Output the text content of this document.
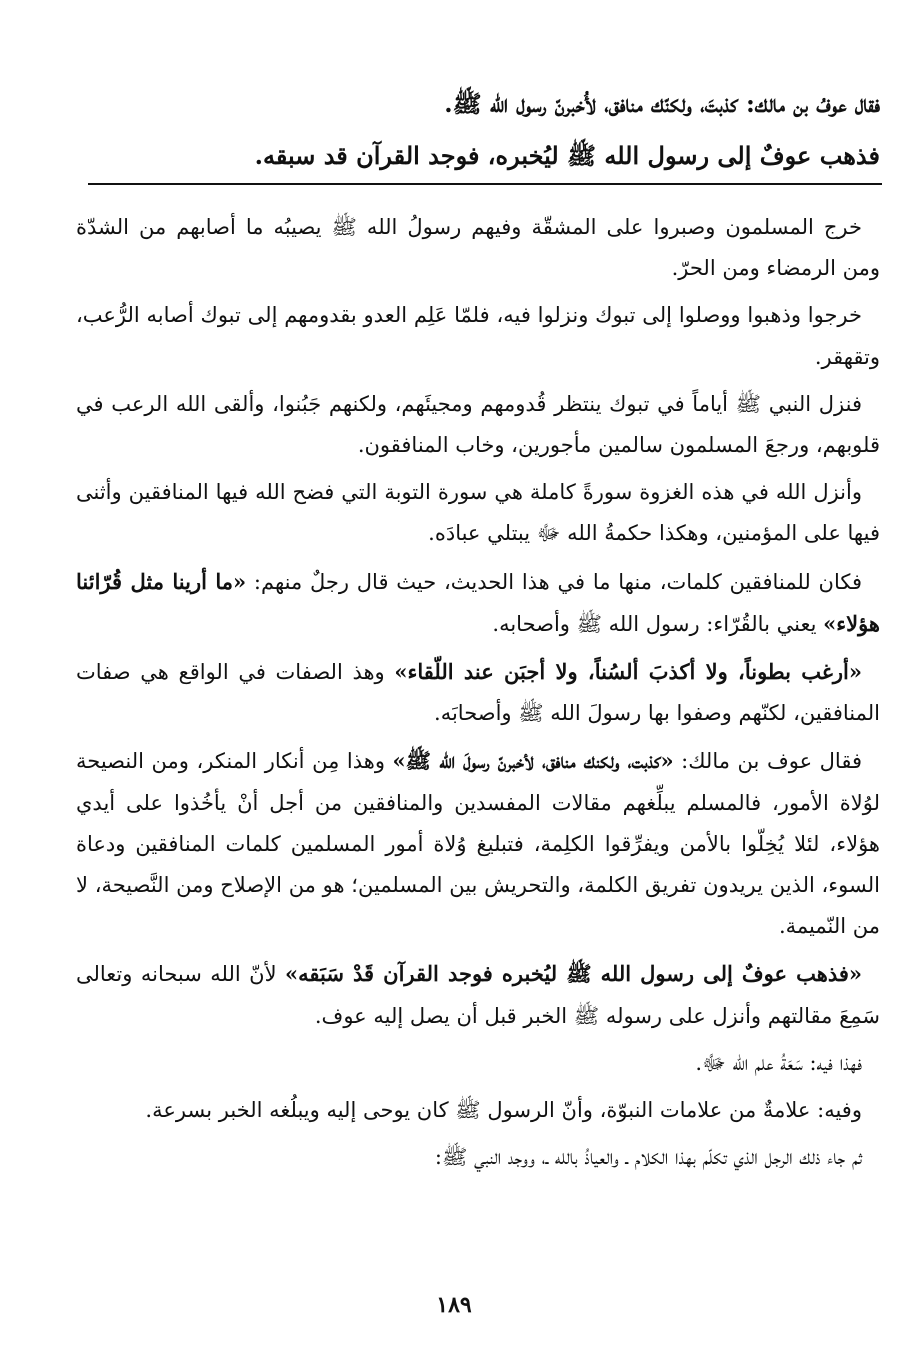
فقال عوفُ بن مالك: كذبتَ، ولكنّك منافق، لأُخبرنّ رسول الله ﷺ.

فذهب عوفٌ إلى رسول الله ﷺ ليُخبره، فوجد القرآن قد سبقه.

خرج المسلمون وصبروا على المشقّة وفيهم رسولُ الله ﷺ يصيبُه ما أصابهم من الشدّة ومن الرمضاء ومن الحرّ.

خرجوا وذهبوا ووصلوا إلى تبوك ونزلوا فيه، فلمّا عَلِم العدو بقدومهم إلى تبوك أصابه الرُّعب، وتقهقر.

فنزل النبي ﷺ أياماً في تبوك ينتظر قُدومهم ومجيئَهم، ولكنهم جَبُنوا، وألقى الله الرعب في قلوبهم، ورجعَ المسلمون سالمين مأجورين، وخاب المنافقون.

وأنزل الله في هذه الغزوة سورةً كاملة هي سورة التوبة التي فضح الله فيها المنافقين وأثنى فيها على المؤمنين، وهكذا حكمةُ الله ﷻ يبتلي عبادَه.

فكان للمنافقين كلمات، منها ما في هذا الحديث، حيث قال رجلٌ منهم: «ما أرينا مثل قُرّائنا هؤلاء» يعني بالقُرّاء: رسول الله ﷺ وأصحابه.

«أرغب بطوناً، ولا أكذبَ ألسُناً، ولا أجبَن عند اللّقاء» وهذ الصفات في الواقع هي صفات المنافقين، لكنّهم وصفوا بها رسولَ الله ﷺ وأصحابَه.

فقال عوف بن مالك: «كذبت، ولكنك منافق، لأخبرنّ رسولَ الله ﷺ» وهذا مِن أنكار المنكر، ومن النصيحة لوُلاة الأمور، فالمسلم يبلِّغهم مقالات المفسدين والمنافقين من أجل أنْ يأخُذوا على أيدي هؤلاء، لئلا يُخِلّوا بالأمن ويفرِّقوا الكلِمة، فتبليغ وُلاة أمور المسلمين كلمات المنافقين ودعاة السوء، الذين يريدون تفريق الكلمة، والتحريش بين المسلمين؛ هو من الإصلاح ومن النَّصيحة، لا من النّميمة.

«فذهب عوفٌ إلى رسول الله ﷺ ليُخبره فوجد القرآن قَدْ سَبَقه» لأنّ الله سبحانه وتعالى سَمِعَ مقالتهم وأنزل على رسوله ﷺ الخبر قبل أن يصل إليه عوف.

فهذا فيه: سَعَةُ علم الله ﷻ.

وفيه: علامةٌ من علامات النبوّة، وأنّ الرسول ﷺ كان يوحى إليه ويبلُغه الخبر بسرعة.

ثم جاء ذلك الرجل الذي تكلّم بهذا الكلام ـ والعياذُ بالله ـ، ووجد النبي ﷺ:

١٨٩
